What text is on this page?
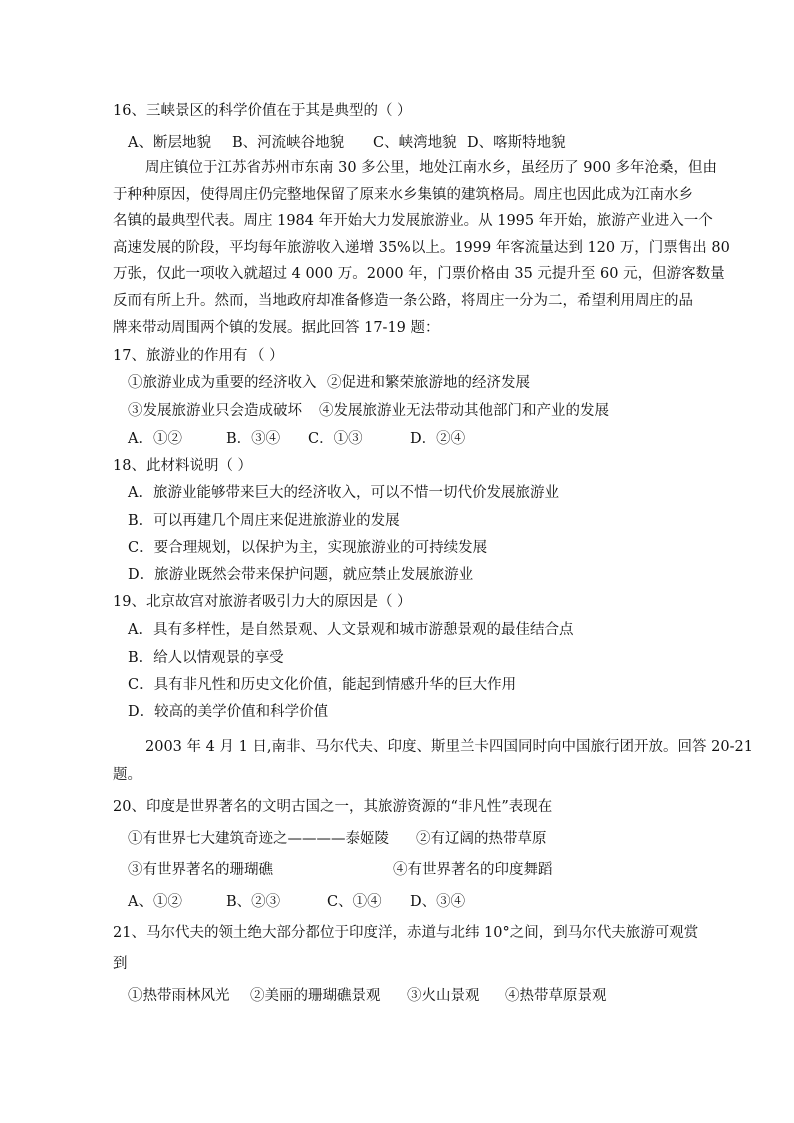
16、三峡景区的科学价值在于其是典型的（ ）
A、断层地貌 B、河流峡谷地貌 C、峡湾地貌 D、喀斯特地貌
周庄镇位于江苏省苏州市东南 30 多公里，地处江南水乡，虽经历了 900 多年沧桑，但由
于种种原因，使得周庄仍完整地保留了原来水乡集镇的建筑格局。周庄也因此成为江南水乡
名镇的最典型代表。周庄 1984 年开始大力发展旅游业。从 1995 年开始，旅游产业进入一个
高速发展的阶段，平均每年旅游收入递增 35%以上。1999 年客流量达到 120 万，门票售出 80
万张，仅此一项收入就超过 4 000 万。2000 年，门票价格由 35 元提升至 60 元，但游客数量
反而有所上升。然而，当地政府却准备修造一条公路，将周庄一分为二，希望利用周庄的品
牌来带动周围两个镇的发展。据此回答 17-19 题：
17、旅游业的作用有 （ ）
①旅游业成为重要的经济收入 ②促进和繁荣旅游地的经济发展
③发展旅游业只会造成破坏 ④发展旅游业无法带动其他部门和产业的发展
A．①②	B．③④ C．①③	D．②④
18、此材料说明（ ）
A．旅游业能够带来巨大的经济收入，可以不惜一切代价发展旅游业
B．可以再建几个周庄来促进旅游业的发展
C．要合理规划，以保护为主，实现旅游业的可持续发展
D．旅游业既然会带来保护问题，就应禁止发展旅游业
19、北京故宫对旅游者吸引力大的原因是（ ）
A．具有多样性，是自然景观、人文景观和城市游憩景观的最佳结合点
B．给人以情观景的享受
C．具有非凡性和历史文化价值，能起到情感升华的巨大作用
D．较高的美学价值和科学价值
2003 年 4 月 1 日,南非、马尔代夫、印度、斯里兰卡四国同时向中国旅行团开放。回答 20-21
题。
20、印度是世界著名的文明古国之一，其旅游资源的“非凡性”表现在
①有世界七大建筑奇迹之————泰姬陵 ②有辽阔的热带草原
③有世界著名的珊瑚礁	④有世界著名的印度舞蹈
A、①②	B、②③	C、①④ D、③④
21、马尔代夫的领土绝大部分都位于印度洋，赤道与北纬 10°之间，到马尔代夫旅游可观赏
到
①热带雨林风光 ②美丽的珊瑚礁景观 ③火山景观 ④热带草原景观
